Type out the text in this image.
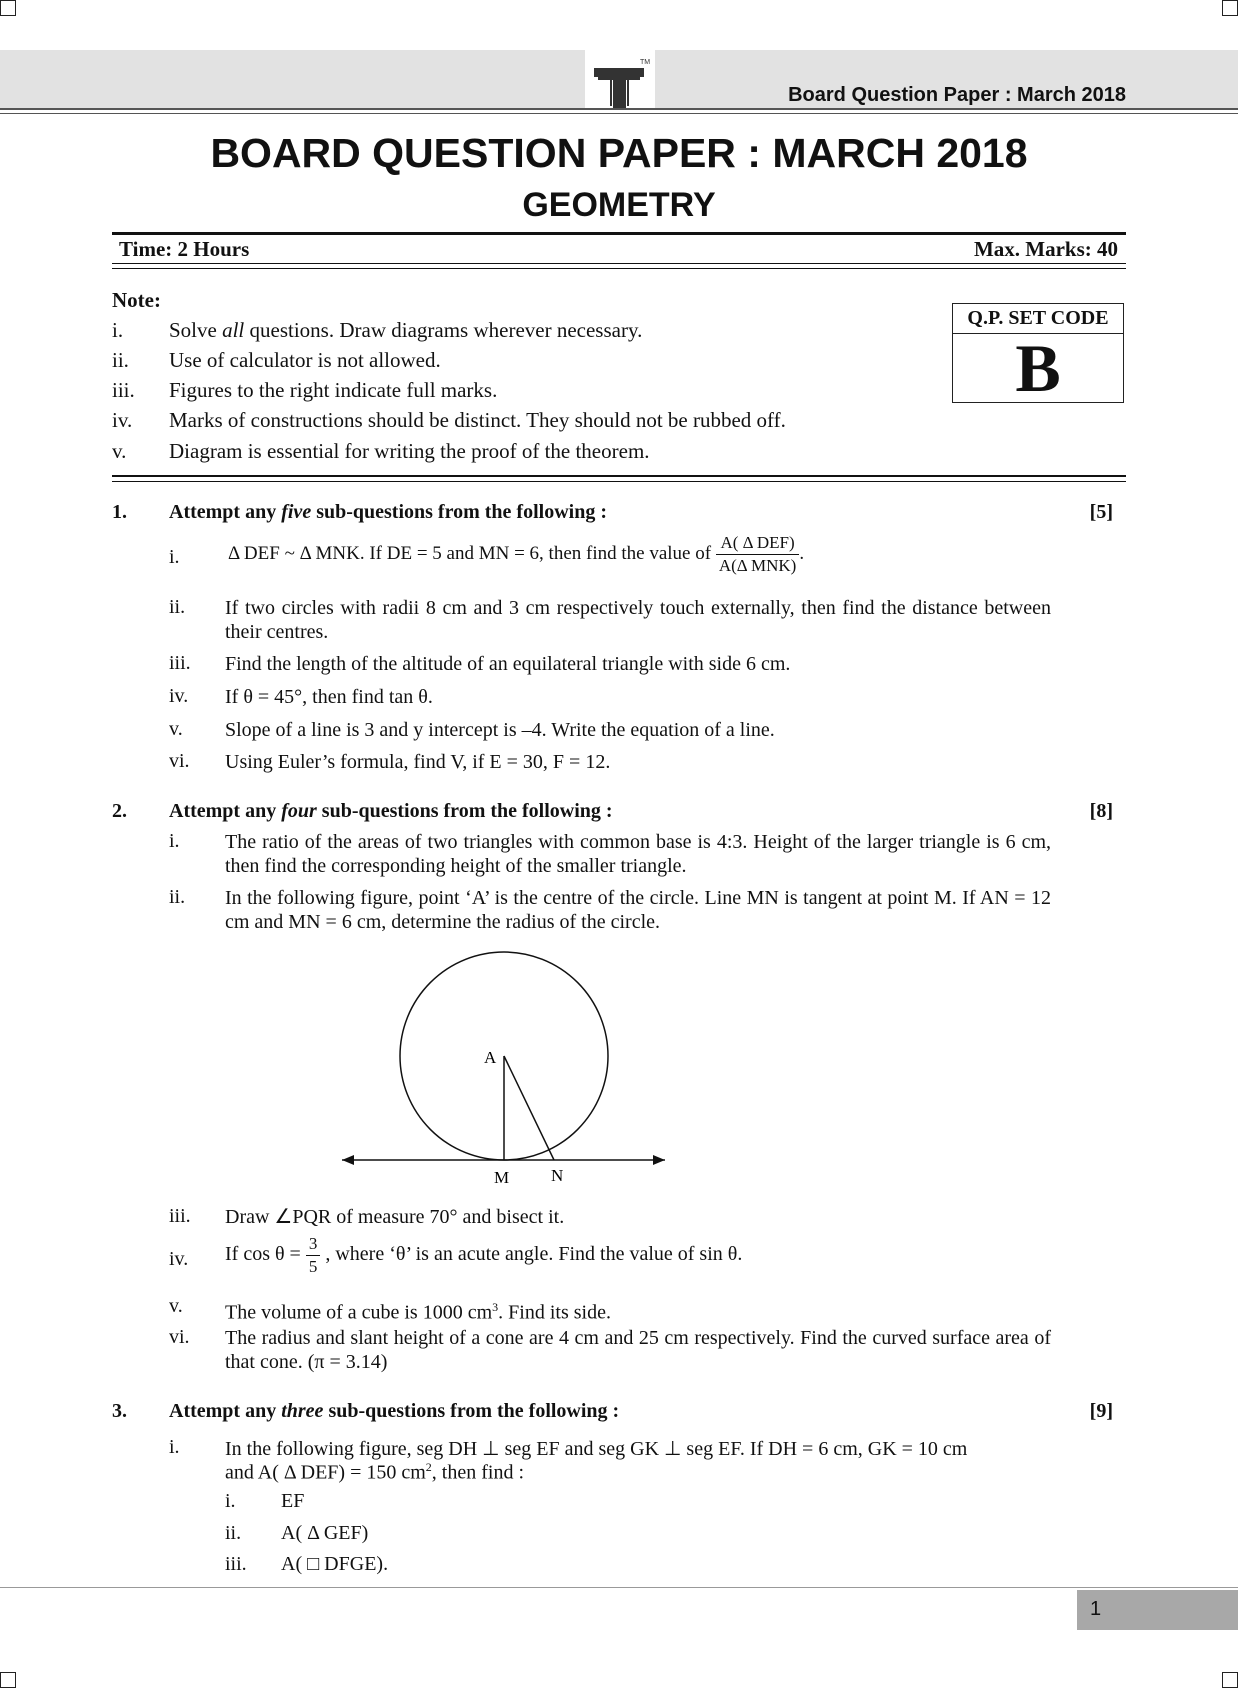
TM
Board Question Paper : March 2018
BOARD QUESTION PAPER : MARCH 2018
GEOMETRY
Time: 2 Hours	Max. Marks: 40
Note:
i. Solve all questions. Draw diagrams wherever necessary.
ii. Use of calculator is not allowed.
iii. Figures to the right indicate full marks.
iv. Marks of constructions should be distinct. They should not be rubbed off.
v. Diagram is essential for writing the proof of the theorem.
Q.P. SET CODE
B
1. Attempt any five sub-questions from the following :	[5]
i.	Δ DEF ~ Δ MNK. If DE = 5 and MN = 6, then find the value of $\frac{\text{A( Δ DEF)}}{\text{A(Δ MNK)}}$ .
ii. If two circles with radii 8 cm and 3 cm respectively touch externally, then find the distance between their centres.
iii. Find the length of the altitude of an equilateral triangle with side 6 cm.
iv. If θ = 45°, then find tan θ.
v. Slope of a line is 3 and y intercept is –4. Write the equation of a line.
vi. Using Euler’s formula, find V, if E = 30, F = 12.
2. Attempt any four sub-questions from the following :	[8]
i. The ratio of the areas of two triangles with common base is 4:3. Height of the larger triangle is 6 cm, then find the corresponding height of the smaller triangle.
ii. In the following figure, point ‘A’ is the centre of the circle. Line MN is tangent at point M. If AN = 12 cm and MN = 6 cm, determine the radius of the circle.
A
M N
iii. Draw ∠PQR of measure 70° and bisect it.
iv. If $\cos \theta = \frac{3}{5}$ , where ‘θ’ is an acute angle. Find the value of sin θ.
v. The volume of a cube is 1000 $cm^3$. Find its side.
vi. The radius and slant height of a cone are 4 cm and 25 cm respectively. Find the curved surface area of that cone. (π = 3.14)
3. Attempt any three sub-questions from the following :	[9]
i. In the following figure, seg DH ⊥ seg EF and seg GK ⊥ seg EF. If DH = 6 cm, GK = 10 cm
and A( Δ DEF) = 150 $cm^2$, then find :
i. EF
ii. A( Δ GEF)
iii. A( □ DFGE).
1
